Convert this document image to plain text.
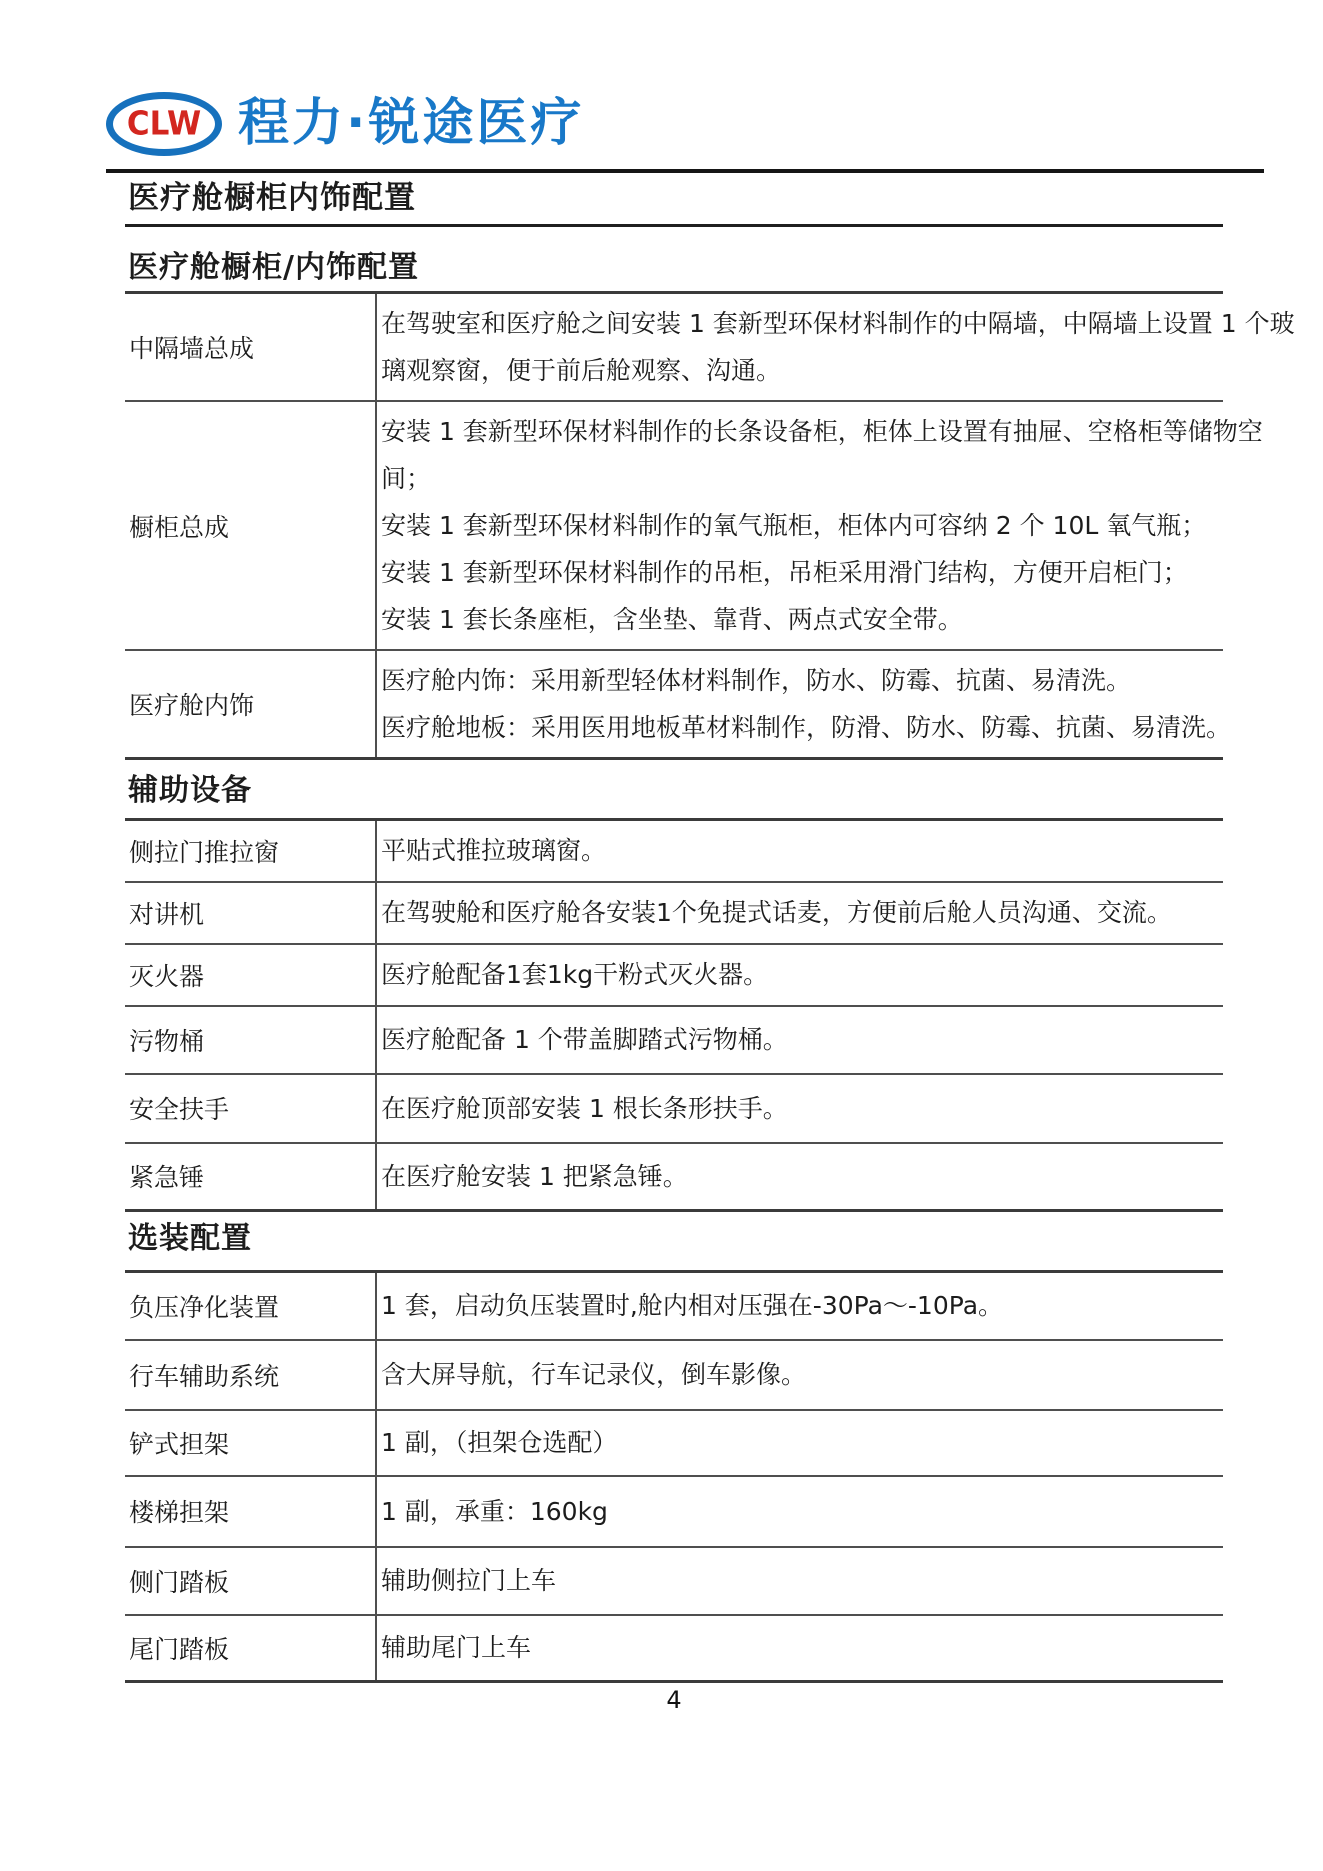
CLW 程力·锐途医疗
医疗舱橱柜内饰配置
医疗舱橱柜/内饰配置
中隔墙总成	在驾驶室和医疗舱之间安装 1 套新型环保材料制作的中隔墙，中隔墙上设置 1 个玻
璃观察窗，便于前后舱观察、沟通。

橱柜总成	安装 1 套新型环保材料制作的长条设备柜，柜体上设置有抽屉、空格柜等储物空
间；
安装 1 套新型环保材料制作的氧气瓶柜，柜体内可容纳 2 个 10L 氧气瓶；
安装 1 套新型环保材料制作的吊柜，吊柜采用滑门结构，方便开启柜门；
安装 1 套长条座柜，含坐垫、靠背、两点式安全带。

医疗舱内饰	医疗舱内饰：采用新型轻体材料制作，防水、防霉、抗菌、易清洗。
医疗舱地板：采用医用地板革材料制作，防滑、防水、防霉、抗菌、易清洗。
辅助设备
侧拉门推拉窗	平贴式推拉玻璃窗。

对讲机	在驾驶舱和医疗舱各安装1个免提式话麦，方便前后舱人员沟通、交流。

灭火器	医疗舱配备1套1kg干粉式灭火器。

污物桶	医疗舱配备 1 个带盖脚踏式污物桶。

安全扶手	在医疗舱顶部安装 1 根长条形扶手。

紧急锤	在医疗舱安装 1 把紧急锤。
选装配置
负压净化装置	1 套，启动负压装置时,舱内相对压强在-30Pa～-10Pa。

行车辅助系统	含大屏导航，行车记录仪，倒车影像。

铲式担架	1 副，（担架仓选配）

楼梯担架	1 副，承重：160kg

侧门踏板	辅助侧拉门上车

尾门踏板	辅助尾门上车
4
